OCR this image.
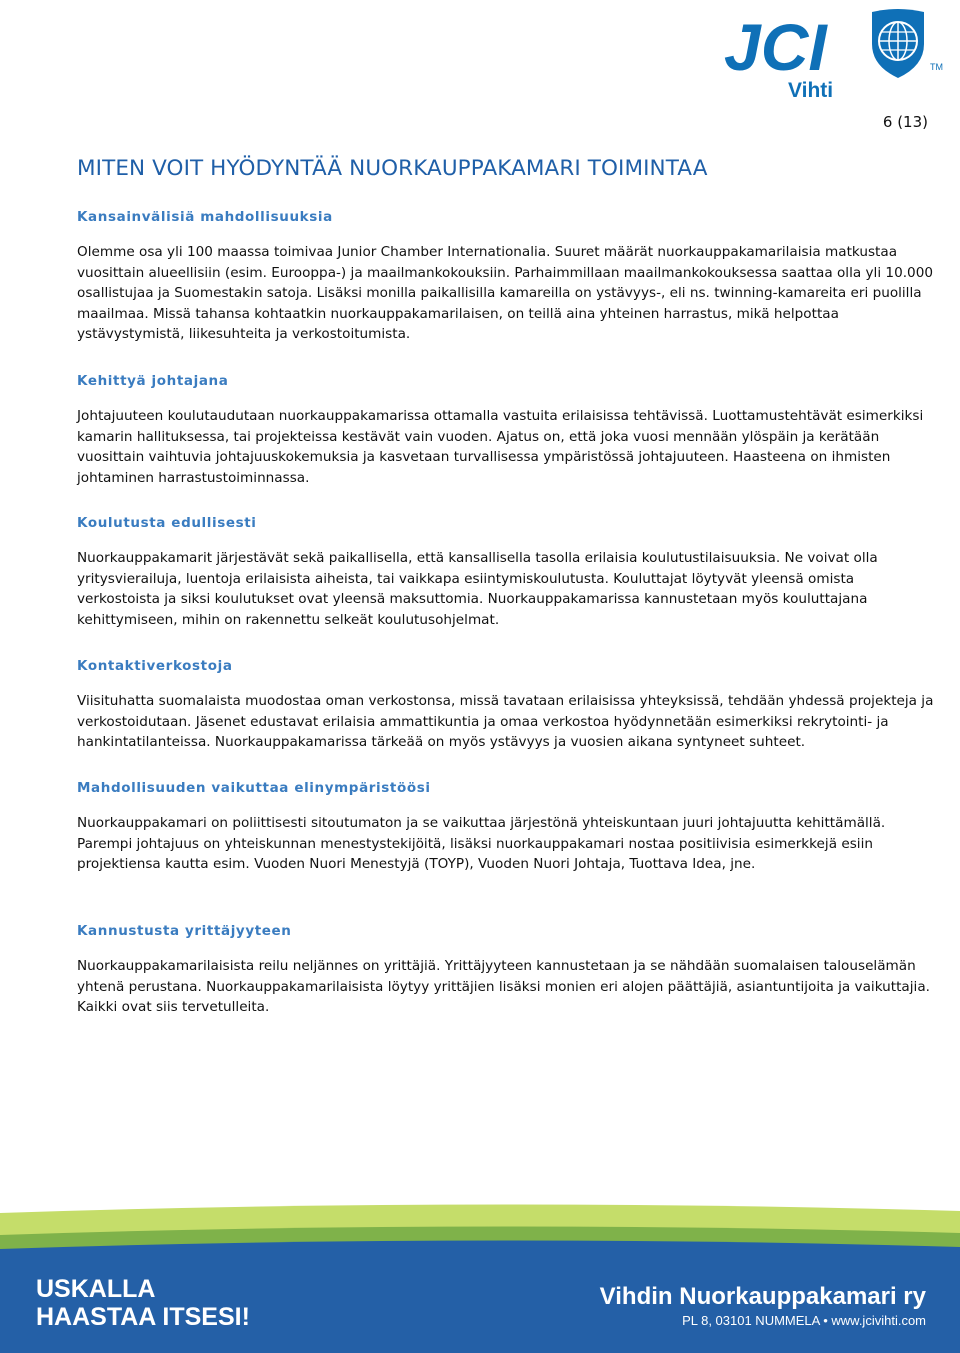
JCI	TM
Vihti
6 (13)
MITEN VOIT HYÖDYNTÄÄ NUORKAUPPAKAMARI TOIMINTAA
Kansainvälisiä mahdollisuuksia

Olemme osa yli 100 maassa toimivaa Junior Chamber Internationalia. Suuret määrät nuorkauppakamarilaisia matkustaa vuosittain alueellisiin (esim. Eurooppa-) ja maailmankokouksiin. Parhaimmillaan maailmankokouksessa saattaa olla yli 10.000 osallistujaa ja Suomestakin satoja. Lisäksi monilla paikallisilla kamareilla on ystävyys-, eli ns. twinning-kamareita eri puolilla maailmaa. Missä tahansa kohtaatkin nuorkauppakamarilaisen, on teillä aina yhteinen harrastus, mikä helpottaa ystävystymistä, liikesuhteita ja verkostoitumista.

Kehittyä johtajana

Johtajuuteen koulutaudutaan nuorkauppakamarissa ottamalla vastuita erilaisissa tehtävissä. Luottamustehtävät esimerkiksi kamarin hallituksessa, tai projekteissa kestävät vain vuoden. Ajatus on, että joka vuosi mennään ylöspäin ja kerätään vuosittain vaihtuvia johtajuuskokemuksia ja kasvetaan turvallisessa ympäristössä johtajuuteen. Haasteena on ihmisten johtaminen harrastustoiminnassa.

Koulutusta edullisesti

Nuorkauppakamarit järjestävät sekä paikallisella, että kansallisella tasolla erilaisia koulutustilaisuuksia. Ne voivat olla yritysvierailuja, luentoja erilaisista aiheista, tai vaikkapa esiintymiskoulutusta. Kouluttajat löytyvät yleensä omista verkostoista ja siksi koulutukset ovat yleensä maksuttomia. Nuorkauppakamarissa kannustetaan myös kouluttajana kehittymiseen, mihin on rakennettu selkeät koulutusohjelmat.

Kontaktiverkostoja

Viisituhatta suomalaista muodostaa oman verkostonsa, missä tavataan erilaisissa yhteyksissä, tehdään yhdessä projekteja ja verkostoidutaan. Jäsenet edustavat erilaisia ammattikuntia ja omaa verkostoa hyödynnetään esimerkiksi rekrytointi- ja hankintatilanteissa. Nuorkauppakamarissa tärkeää on myös ystävyys ja vuosien aikana syntyneet suhteet.

Mahdollisuuden vaikuttaa elinympäristöösi

Nuorkauppakamari on poliittisesti sitoutumaton ja se vaikuttaa järjestönä yhteiskuntaan juuri johtajuutta kehittämällä. Parempi johtajuus on yhteiskunnan menestystekijöitä, lisäksi nuorkauppakamari nostaa positiivisia esimerkkejä esiin projektiensa kautta esim. Vuoden Nuori Menestyjä (TOYP), Vuoden Nuori Johtaja, Tuottava Idea, jne.

Kannustusta yrittäjyyteen

Nuorkauppakamarilaisista reilu neljännes on yrittäjiä. Yrittäjyyteen kannustetaan ja se nähdään suomalaisen talouselämän yhtenä perustana. Nuorkauppakamarilaisista löytyy yrittäjien lisäksi monien eri alojen päättäjiä, asiantuntijoita ja vaikuttajia. Kaikki ovat siis tervetulleita.

USKALLA
HAASTAA ITSESI!
Vihdin Nuorkauppakamari ry
PL 8, 03101 NUMMELA • www.jcivihti.com
